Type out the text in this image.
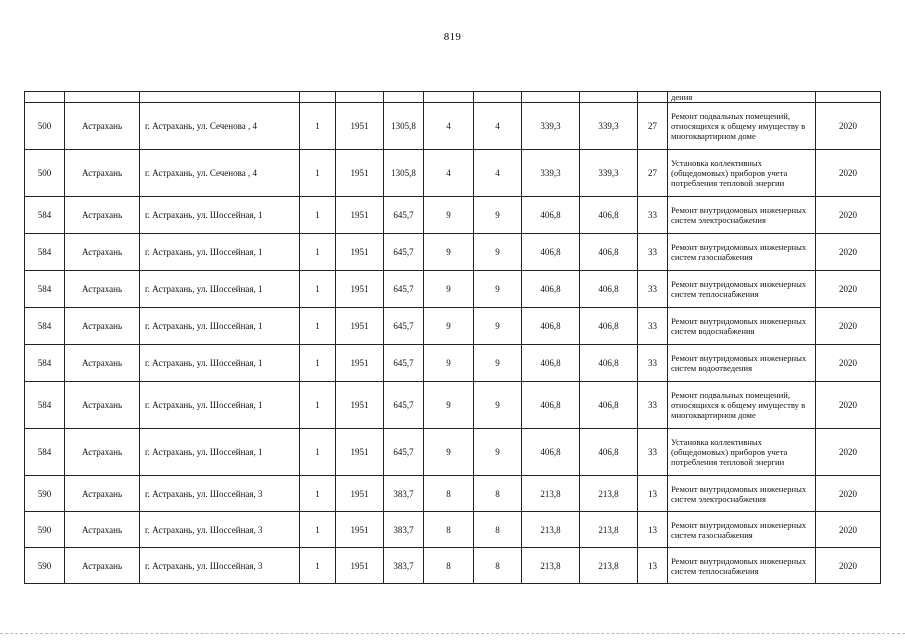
819
											дения	
500	Астрахань	г. Астрахань, ул. Сеченова , 4	1	1951	1305,8	4	4	339,3	339,3	27	Ремонт подвальных помещений, относящихся к общему имуществу в многоквартирном доме	2020
500	Астрахань	г. Астрахань, ул. Сеченова , 4	1	1951	1305,8	4	4	339,3	339,3	27	Установка коллективных (общедомовых) приборов учета потребления тепловой энергии	2020
584	Астрахань	г. Астрахань, ул. Шоссейная, 1	1	1951	645,7	9	9	406,8	406,8	33	Ремонт внутридомовых инженерных систем электроснабжения	2020
584	Астрахань	г. Астрахань, ул. Шоссейная, 1	1	1951	645,7	9	9	406,8	406,8	33	Ремонт внутридомовых инженерных систем газоснабжения	2020
584	Астрахань	г. Астрахань, ул. Шоссейная, 1	1	1951	645,7	9	9	406,8	406,8	33	Ремонт внутридомовых инженерных систем теплоснабжения	2020
584	Астрахань	г. Астрахань, ул. Шоссейная, 1	1	1951	645,7	9	9	406,8	406,8	33	Ремонт внутридомовых инженерных систем водоснабжения	2020
584	Астрахань	г. Астрахань, ул. Шоссейная, 1	1	1951	645,7	9	9	406,8	406,8	33	Ремонт внутридомовых инженерных систем водоотведения	2020
584	Астрахань	г. Астрахань, ул. Шоссейная, 1	1	1951	645,7	9	9	406,8	406,8	33	Ремонт подвальных помещений, относящихся к общему имуществу в многоквартирном доме	2020
584	Астрахань	г. Астрахань, ул. Шоссейная, 1	1	1951	645,7	9	9	406,8	406,8	33	Установка коллективных (общедомовых) приборов учета потребления тепловой энергии	2020
590	Астрахань	г. Астрахань, ул. Шоссейная, 3	1	1951	383,7	8	8	213,8	213,8	13	Ремонт внутридомовых инженерных систем электроснабжения	2020
590	Астрахань	г. Астрахань, ул. Шоссейная, 3	1	1951	383,7	8	8	213,8	213,8	13	Ремонт внутридомовых инженерных систем газоснабжения	2020
590	Астрахань	г. Астрахань, ул. Шоссейная, 3	1	1951	383,7	8	8	213,8	213,8	13	Ремонт внутридомовых инженерных систем теплоснабжения	2020
